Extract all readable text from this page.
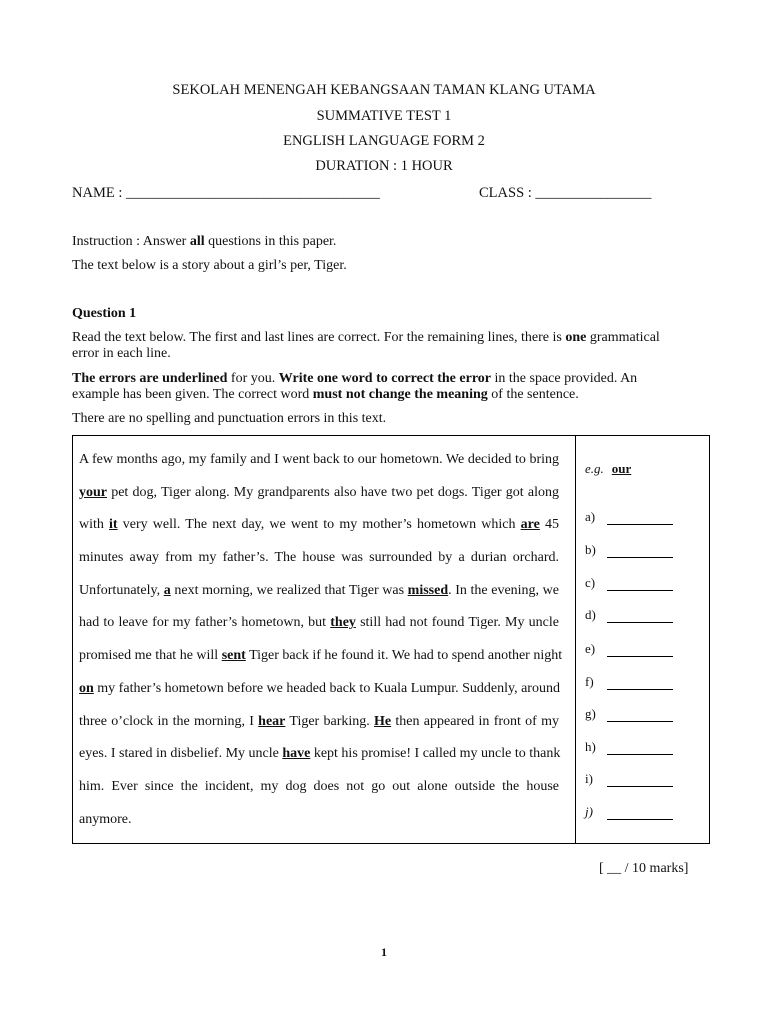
SEKOLAH MENENGAH KEBANGSAAN TAMAN KLANG UTAMA
SUMMATIVE TEST 1
ENGLISH LANGUAGE FORM 2
DURATION : 1 HOUR
NAME : ___________________________________	CLASS : ________________
Instruction : Answer all questions in this paper.
The text below is a story about a girl’s per, Tiger.
Question 1
Read the text below. The first and last lines are correct. For the remaining lines, there is one grammatical error in each line.
The errors are underlined for you. Write one word to correct the error in the space provided. An example has been given. The correct word must not change the meaning of the sentence.
There are no spelling and punctuation errors in this text.
A few months ago, my family and I went back to our hometown. We decided to bring
your pet dog, Tiger along. My grandparents also have two pet dogs. Tiger got along
with it very well. The next day, we went to my mother’s hometown which are 45
minutes away from my father’s. The house was surrounded by a durian orchard.
Unfortunately, a next morning, we realized that Tiger was missed. In the evening, we
had to leave for my father’s hometown, but they still had not found Tiger. My uncle
promised me that he will sent Tiger back if he found it. We had to spend another night
on my father’s hometown before we headed back to Kuala Lumpur. Suddenly, around
three o’clock in the morning, I hear Tiger barking. He then appeared in front of my
eyes. I stared in disbelief. My uncle have kept his promise! I called my uncle to thank
him. Ever since the incident, my dog does not go out alone outside the house
anymore.
e.g. our
a)
b)
c)
d)
e)
f)
g)
h)
i)
j)
[ __ / 10 marks]
1
